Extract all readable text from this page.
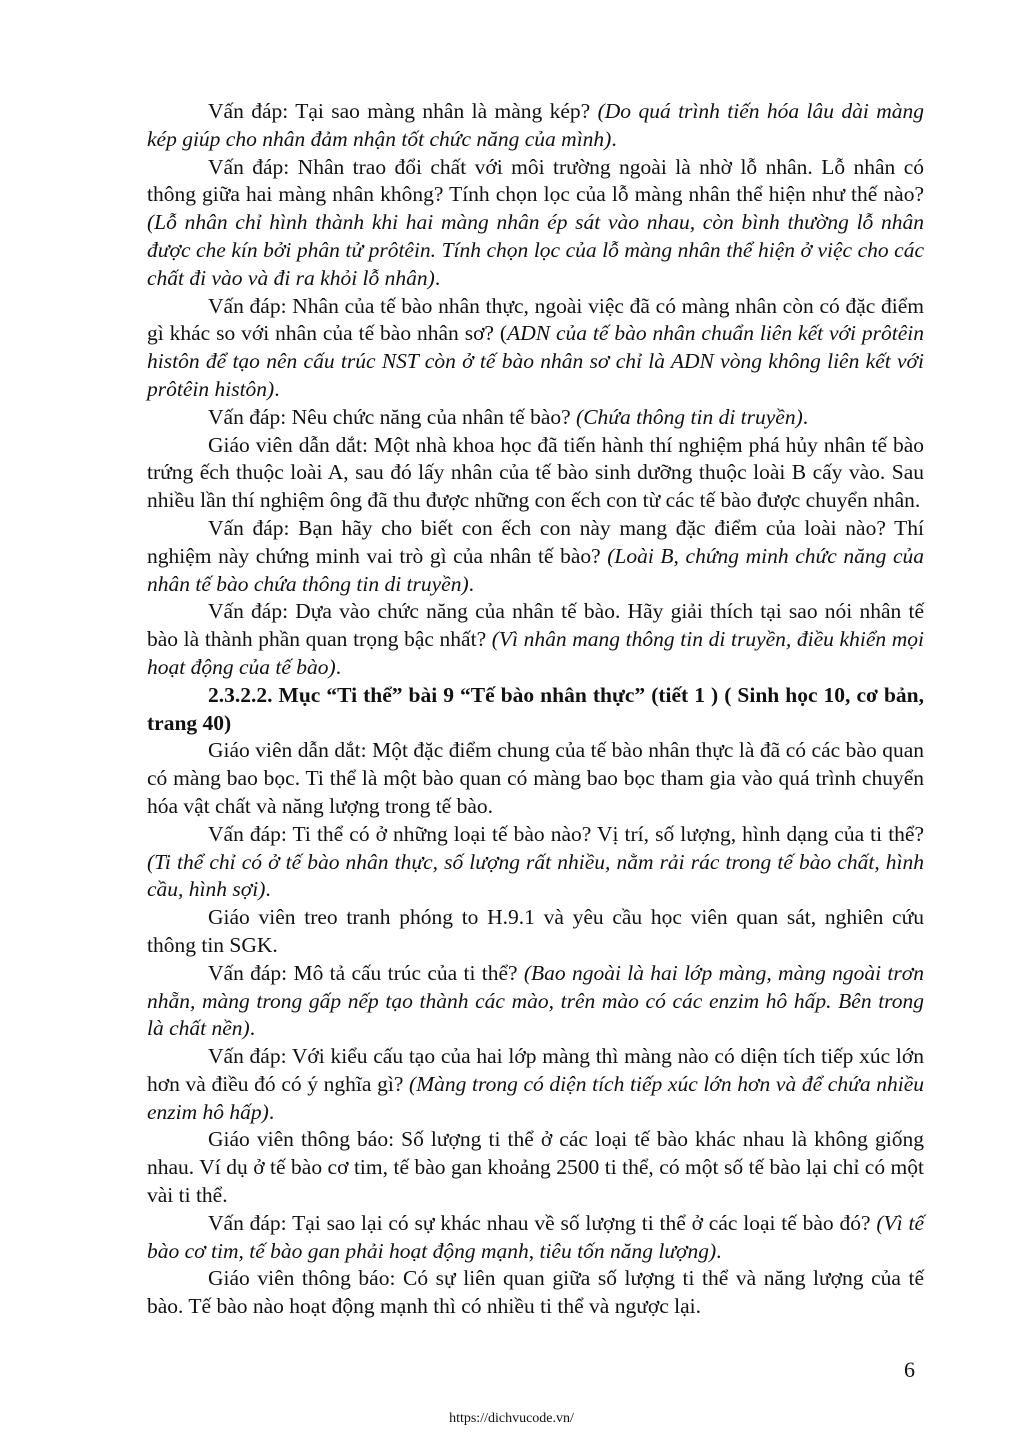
Vấn đáp: Tại sao màng nhân là màng kép? (Do quá trình tiến hóa lâu dài màng kép giúp cho nhân đảm nhận tốt chức năng của mình).

Vấn đáp: Nhân trao đổi chất với môi trường ngoài là nhờ lỗ nhân. Lỗ nhân có thông giữa hai màng nhân không? Tính chọn lọc của lỗ màng nhân thể hiện như thế nào? (Lỗ nhân chỉ hình thành khi hai màng nhân ép sát vào nhau, còn bình thường lỗ nhân được che kín bởi phân tử prôtêin. Tính chọn lọc của lỗ màng nhân thể hiện ở việc cho các chất đi vào và đi ra khỏi lỗ nhân).

Vấn đáp: Nhân của tế bào nhân thực, ngoài việc đã có màng nhân còn có đặc điểm gì khác so với nhân của tế bào nhân sơ? (ADN của tế bào nhân chuẩn liên kết với prôtêin histôn để tạo nên cấu trúc NST còn ở tế bào nhân sơ chỉ là ADN vòng không liên kết với prôtêin histôn).

Vấn đáp: Nêu chức năng của nhân tế bào? (Chứa thông tin di truyền).

Giáo viên dẫn dắt: Một nhà khoa học đã tiến hành thí nghiệm phá hủy nhân tế bào trứng ếch thuộc loài A, sau đó lấy nhân của tế bào sinh dưỡng thuộc loài B cấy vào. Sau nhiều lần thí nghiệm ông đã thu được những con ếch con từ các tế bào được chuyển nhân.

Vấn đáp: Bạn hãy cho biết con ếch con này mang đặc điểm của loài nào? Thí nghiệm này chứng minh vai trò gì của nhân tế bào? (Loài B, chứng minh chức năng của nhân tế bào chứa thông tin di truyền).

Vấn đáp: Dựa vào chức năng của nhân tế bào. Hãy giải thích tại sao nói nhân tế bào là thành phần quan trọng bậc nhất? (Vì nhân mang thông tin di truyền, điều khiển mọi hoạt động của tế bào).

2.3.2.2. Mục “Ti thể” bài 9 “Tế bào nhân thực” (tiết 1 ) ( Sinh học 10, cơ bản, trang 40)

Giáo viên dẫn dắt: Một đặc điểm chung của tế bào nhân thực là đã có các bào quan có màng bao bọc. Ti thể là một bào quan có màng bao bọc tham gia vào quá trình chuyển hóa vật chất và năng lượng trong tế bào.

Vấn đáp: Ti thể có ở những loại tế bào nào? Vị trí, số lượng, hình dạng của ti thể? (Ti thể chỉ có ở tế bào nhân thực, số lượng rất nhiều, nằm rải rác trong tế bào chất, hình cầu, hình sợi).

Giáo viên treo tranh phóng to H.9.1 và yêu cầu học viên quan sát, nghiên cứu thông tin SGK.

Vấn đáp: Mô tả cấu trúc của ti thể? (Bao ngoài là hai lớp màng, màng ngoài trơn nhẵn, màng trong gấp nếp tạo thành các mào, trên mào có các enzim hô hấp. Bên trong là chất nền).

Vấn đáp: Với kiểu cấu tạo của hai lớp màng thì màng nào có diện tích tiếp xúc lớn hơn và điều đó có ý nghĩa gì? (Màng trong có diện tích tiếp xúc lớn hơn và để chứa nhiều enzim hô hấp).

Giáo viên thông báo: Số lượng ti thể ở các loại tế bào khác nhau là không giống nhau. Ví dụ ở tế bào cơ tim, tế bào gan khoảng 2500 ti thể, có một số tế bào lại chỉ có một vài ti thể.

Vấn đáp: Tại sao lại có sự khác nhau về số lượng ti thể ở các loại tế bào đó? (Vì tế bào cơ tim, tế bào gan phải hoạt động mạnh, tiêu tốn năng lượng).

Giáo viên thông báo: Có sự liên quan giữa số lượng ti thể và năng lượng của tế bào. Tế bào nào hoạt động mạnh thì có nhiều ti thể và ngược lại.

6
https://dichvucode.vn/
